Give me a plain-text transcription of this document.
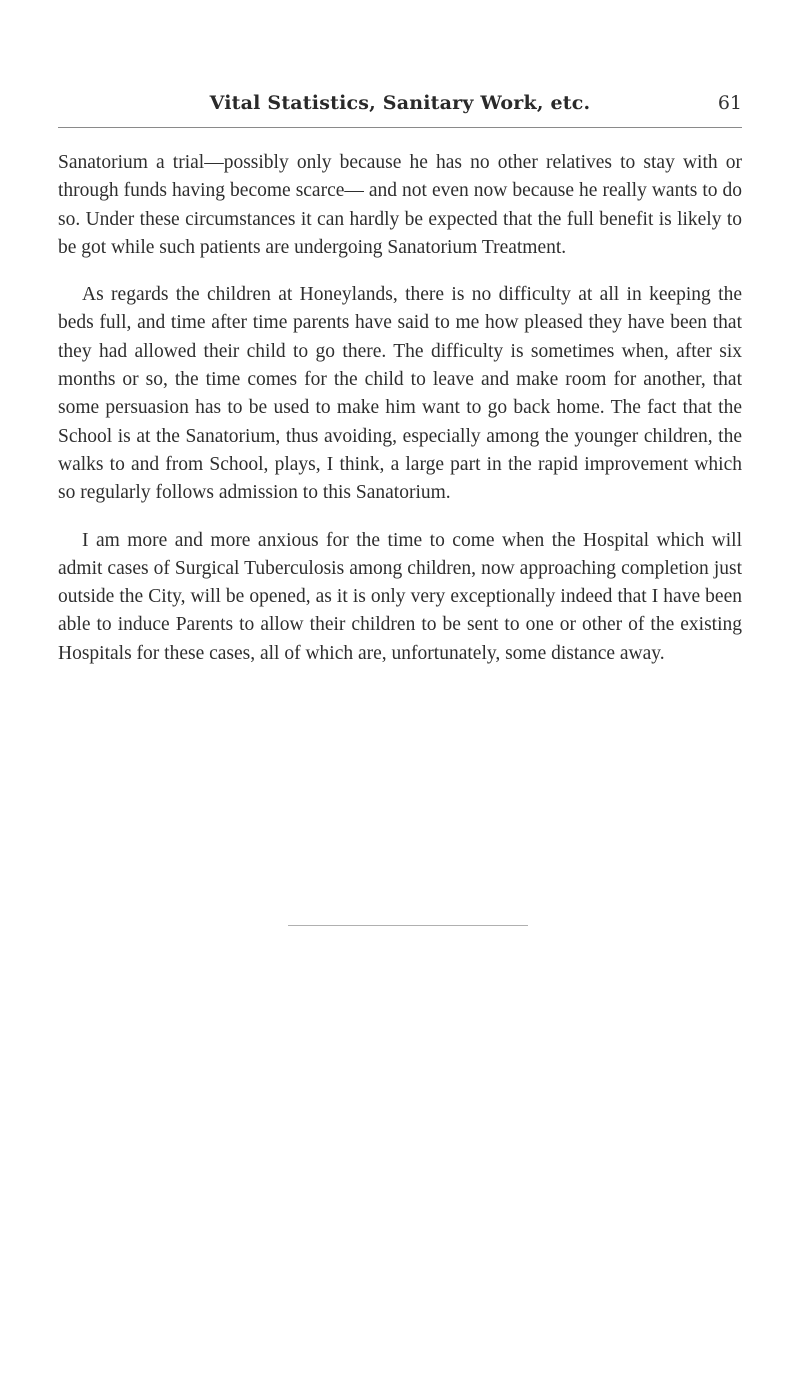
Vital Statistics, Sanitary Work, etc.	61

Sanatorium a trial—possibly only because he has no other relatives to stay with or through funds having become scarce— and not even now because he really wants to do so. Under these circumstances it can hardly be expected that the full benefit is likely to be got while such patients are undergoing Sanatorium Treatment.

As regards the children at Honeylands, there is no difficulty at all in keeping the beds full, and time after time parents have said to me how pleased they have been that they had allowed their child to go there. The difficulty is sometimes when, after six months or so, the time comes for the child to leave and make room for another, that some persuasion has to be used to make him want to go back home. The fact that the School is at the Sanatorium, thus avoiding, especially among the younger children, the walks to and from School, plays, I think, a large part in the rapid improvement which so regularly follows admission to this Sanatorium.

I am more and more anxious for the time to come when the Hospital which will admit cases of Surgical Tuberculosis among children, now approaching completion just outside the City, will be opened, as it is only very exceptionally indeed that I have been able to induce Parents to allow their children to be sent to one or other of the existing Hospitals for these cases, all of which are, unfortunately, some distance away.
